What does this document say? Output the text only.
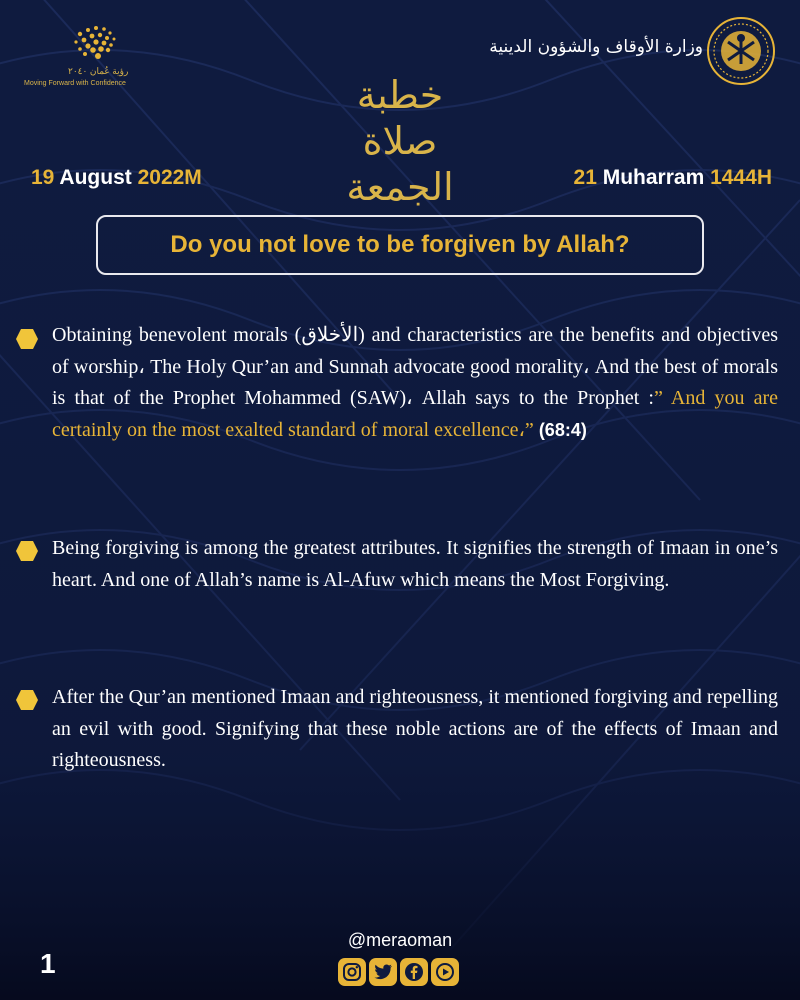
رؤية عُمان ٢٠٤٠
Moving Forward with Confidence
وزارة الأوقاف والشؤون الدينية
خطبة صلاة الجمعة
19 August 2022M	21 Muharram 1444H
Do you not love to be forgiven by Allah?
Obtaining benevolent morals (الأخلاق) and characteristics are the benefits and objectives of worship، The Holy Qur’an and Sunnah advocate good morality، And the best of morals is that of the Prophet Mohammed (SAW)، Allah says to the Prophet :” And you are certainly on the most exalted standard of moral excellence،” (68:4)
Being forgiving is among the greatest attributes. It signifies the strength of Imaan in one’s heart. And one of Allah’s name is Al-Afuw which means the Most Forgiving.
After the Qur’an mentioned Imaan and righteousness, it mentioned forgiving and repelling an evil with good. Signifying that these noble actions are of the effects of Imaan and righteousness.
1
@meraoman
